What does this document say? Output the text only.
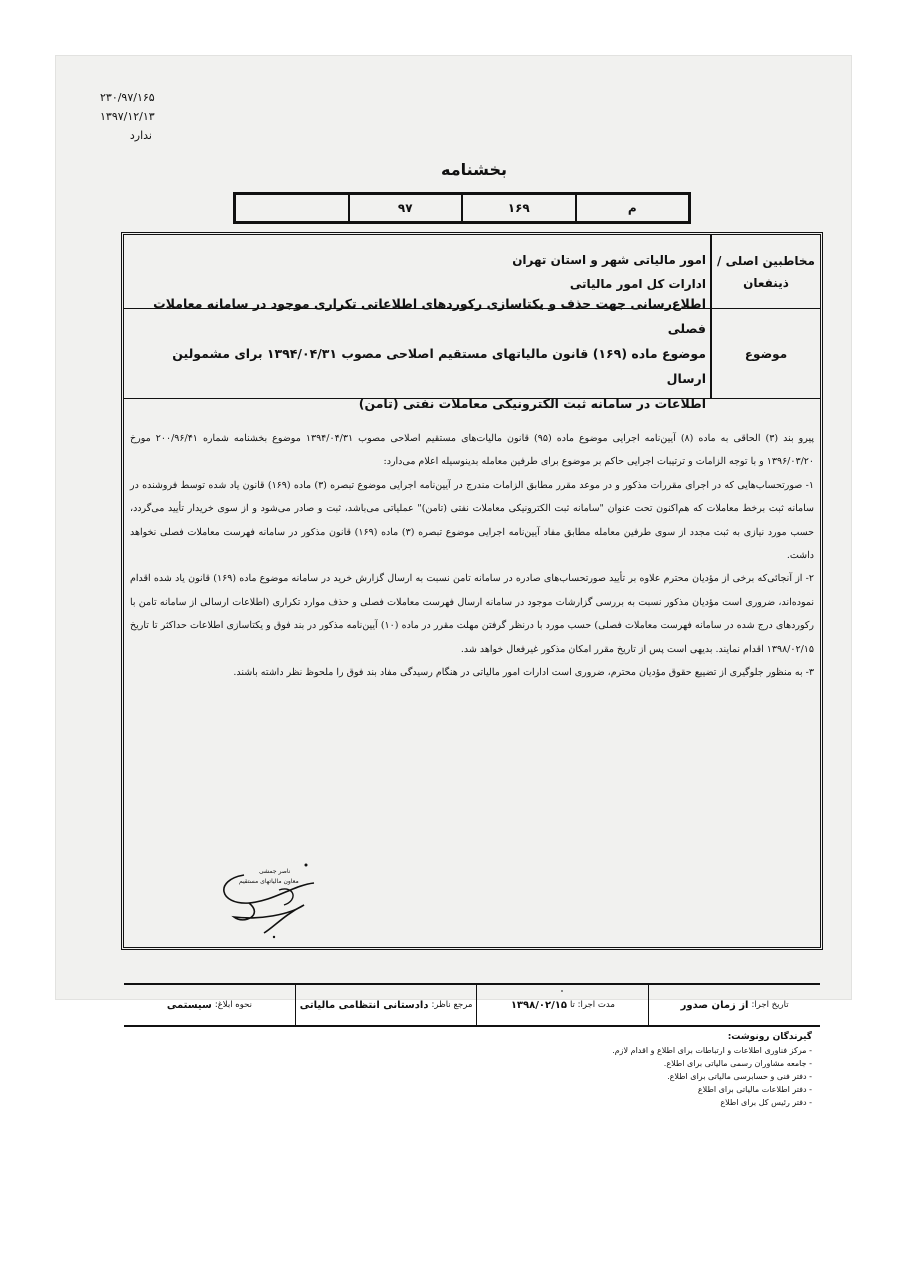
۲۳۰/۹۷/۱۶۵
۱۳۹۷/۱۲/۱۳
ندارد
بخشنامه
۹۷	۱۶۹	م
مخاطبین اصلی /
ذینفعان
امور مالیاتی شهر و استان تهران
ادارات کل امور مالیاتی
موضوع
اطلاع‌رسانی جهت حذف و یکتاسازی رکوردهای اطلاعاتی تکراری موجود در سامانه معاملات فصلی
موضوع ماده (۱۶۹) قانون مالیاتهای مستقیم اصلاحی مصوب ۱۳۹۴/۰۴/۳۱ برای مشمولین ارسال
اطلاعات در سامانه ثبت الکترونیکی معاملات نفتی (تامن)

پیرو بند (۳) الحاقی به ماده (۸) آیین‌نامه اجرایی موضوع ماده (۹۵) قانون مالیات‌های مستقیم اصلاحی مصوب ۱۳۹۴/۰۴/۳۱ موضوع بخشنامه شماره ۲۰۰/۹۶/۴۱ مورخ ۱۳۹۶/۰۳/۲۰ و با توجه الزامات و ترتیبات اجرایی حاکم بر موضوع برای طرفین معامله بدینوسیله اعلام می‌دارد:

۱- صورتحساب‌هایی که در اجرای مقررات مذکور و در موعد مقرر مطابق الزامات مندرج در آیین‌نامه اجرایی موضوع تبصره (۳) ماده (۱۶۹) قانون یاد شده توسط فروشنده در سامانه ثبت برخط معاملات که هم‌اکنون تحت عنوان "سامانه ثبت الکترونیکی معاملات نفتی (تامن)" عملیاتی می‌باشد، ثبت و صادر می‌شود و از سوی خریدار تأیید می‌گردد، حسب مورد نیازی به ثبت مجدد از سوی طرفین معامله مطابق مفاد آیین‌نامه اجرایی موضوع تبصره (۳) ماده (۱۶۹) قانون مذکور در سامانه فهرست معاملات فصلی نخواهد داشت.

۲- از آنجائی‌که برخی از مؤدیان محترم علاوه بر تأیید صورتحساب‌های صادره در سامانه تامن نسبت به ارسال گزارش خرید در سامانه موضوع ماده (۱۶۹) قانون یاد شده اقدام نموده‌اند، ضروری است مؤدیان مذکور نسبت به بررسی گزارشات موجود در سامانه ارسال فهرست معاملات فصلی و حذف موارد تکراری (اطلاعات ارسالی از سامانه تامن با رکوردهای درج شده در سامانه فهرست معاملات فصلی) حسب مورد با درنظر گرفتن مهلت مقرر در ماده (۱۰) آیین‌نامه مذکور در بند فوق و یکتاسازی اطلاعات حداکثر تا تاریخ ۱۳۹۸/۰۲/۱۵ اقدام نمایند. بدیهی است پس از تاریخ مقرر امکان مذکور غیرفعال خواهد شد.

۳- به منظور جلوگیری از تضییع حقوق مؤدیان محترم، ضروری است ادارات امور مالیاتی در هنگام رسیدگی مفاد بند فوق را ملحوظ نظر داشته باشند.

ناصر جمشی
معاون مالیاتهای مستقیم
تاریخ اجرا:
از زمان صدور
مدت اجرا: تا
۱۳۹۸/۰۲/۱۵
مرجع ناظر:
دادستانی انتظامی مالیاتی
نحوه ابلاغ:
سیستمی
گیرندگان رونوشت:
- مرکز فناوری اطلاعات و ارتباطات برای اطلاع و اقدام لازم.
- جامعه مشاوران رسمی مالیاتی برای اطلاع.
- دفتر فنی و حسابرسی مالیاتی برای اطلاع.
- دفتر اطلاعات مالیاتی برای اطلاع
- دفتر رئیس کل برای اطلاع
